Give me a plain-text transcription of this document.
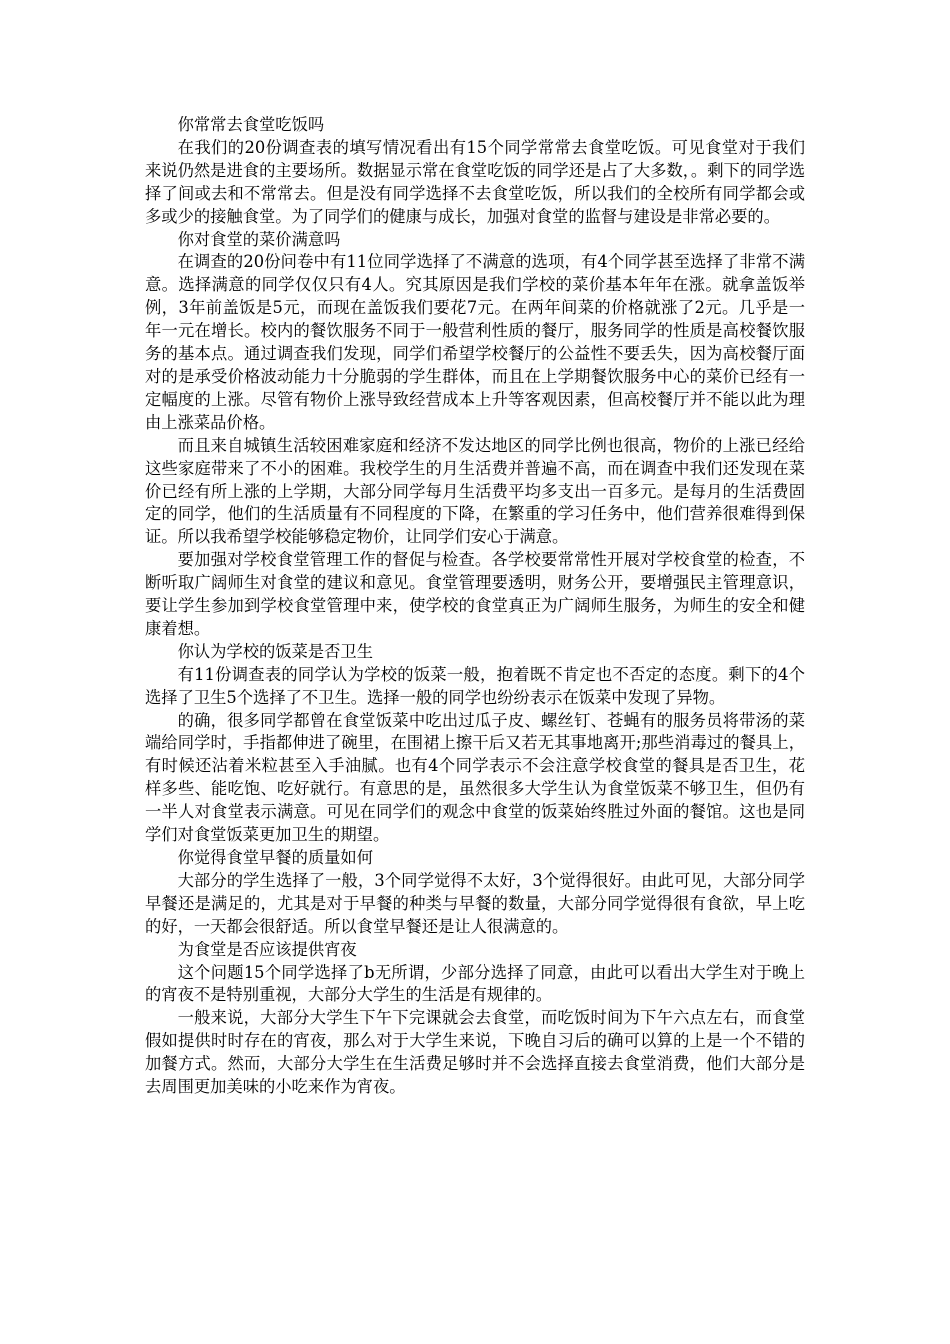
你常常去食堂吃饭吗

在我们的20份调查表的填写情况看出有15个同学常常去食堂吃饭。可见食堂对于我们来说仍然是进食的主要场所。数据显示常在食堂吃饭的同学还是占了大多数，。剩下的同学选择了间或去和不常常去。但是没有同学选择不去食堂吃饭，所以我们的全校所有同学都会或多或少的接触食堂。为了同学们的健康与成长，加强对食堂的监督与建设是非常必要的。

你对食堂的菜价满意吗

在调查的20份问卷中有11位同学选择了不满意的选项，有4个同学甚至选择了非常不满意。选择满意的同学仅仅只有4人。究其原因是我们学校的菜价基本年年在涨。就拿盖饭举例，3年前盖饭是5元，而现在盖饭我们要花7元。在两年间菜的价格就涨了2元。几乎是一年一元在增长。校内的餐饮服务不同于一般营利性质的餐厅，服务同学的性质是高校餐饮服务的基本点。通过调查我们发现，同学们希望学校餐厅的公益性不要丢失，因为高校餐厅面对的是承受价格波动能力十分脆弱的学生群体，而且在上学期餐饮服务中心的菜价已经有一定幅度的上涨。尽管有物价上涨导致经营成本上升等客观因素，但高校餐厅并不能以此为理由上涨菜品价格。

而且来自城镇生活较困难家庭和经济不发达地区的同学比例也很高，物价的上涨已经给这些家庭带来了不小的困难。我校学生的月生活费并普遍不高，而在调查中我们还发现在菜价已经有所上涨的上学期，大部分同学每月生活费平均多支出一百多元。是每月的生活费固定的同学，他们的生活质量有不同程度的下降，在繁重的学习任务中，他们营养很难得到保证。所以我希望学校能够稳定物价，让同学们安心于满意。

要加强对学校食堂管理工作的督促与检查。各学校要常常性开展对学校食堂的检查，不断听取广阔师生对食堂的建议和意见。食堂管理要透明，财务公开，要增强民主管理意识，要让学生参加到学校食堂管理中来，使学校的食堂真正为广阔师生服务，为师生的安全和健康着想。

你认为学校的饭菜是否卫生

有11份调查表的同学认为学校的饭菜一般，抱着既不肯定也不否定的态度。剩下的4个选择了卫生5个选择了不卫生。选择一般的同学也纷纷表示在饭菜中发现了异物。

的确，很多同学都曾在食堂饭菜中吃出过瓜子皮、螺丝钉、苍蝇有的服务员将带汤的菜端给同学时，手指都伸进了碗里，在围裙上擦干后又若无其事地离开;那些消毒过的餐具上，有时候还沾着米粒甚至入手油腻。也有4个同学表示不会注意学校食堂的餐具是否卫生，花样多些、能吃饱、吃好就行。有意思的是，虽然很多大学生认为食堂饭菜不够卫生，但仍有一半人对食堂表示满意。可见在同学们的观念中食堂的饭菜始终胜过外面的餐馆。这也是同学们对食堂饭菜更加卫生的期望。

你觉得食堂早餐的质量如何

大部分的学生选择了一般，3个同学觉得不太好，3个觉得很好。由此可见，大部分同学早餐还是满足的，尤其是对于早餐的种类与早餐的数量，大部分同学觉得很有食欲，早上吃的好，一天都会很舒适。所以食堂早餐还是让人很满意的。

为食堂是否应该提供宵夜

这个问题15个同学选择了b无所谓，少部分选择了同意，由此可以看出大学生对于晚上的宵夜不是特别重视，大部分大学生的生活是有规律的。

一般来说，大部分大学生下午下完课就会去食堂，而吃饭时间为下午六点左右，而食堂假如提供时时存在的宵夜，那么对于大学生来说，下晚自习后的确可以算的上是一个不错的加餐方式。然而，大部分大学生在生活费足够时并不会选择直接去食堂消费，他们大部分是去周围更加美味的小吃来作为宵夜。
